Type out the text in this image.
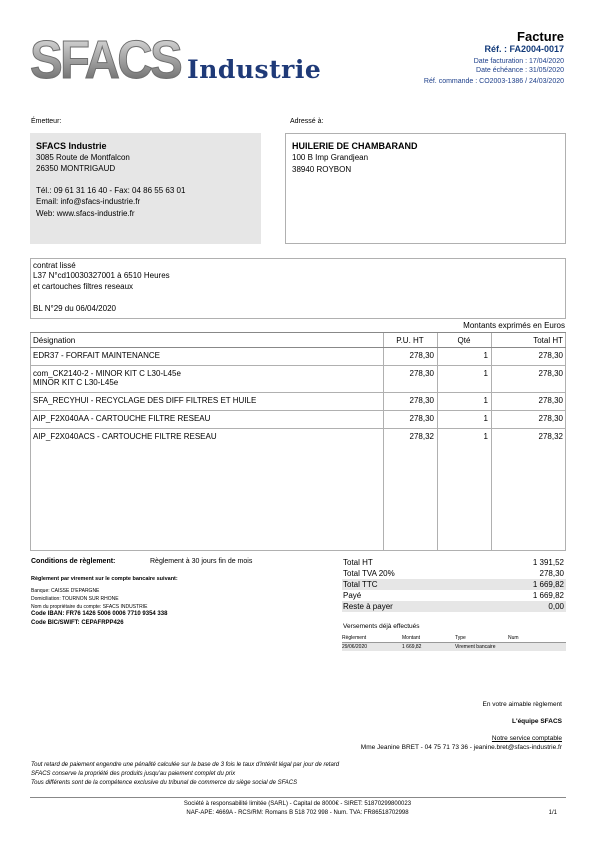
SFACS Industrie
Facture
Réf. : FA2004-0017
Date facturation : 17/04/2020
Date échéance : 31/05/2020
Réf. commande : CO2003-1386 / 24/03/2020
Émetteur:
SFACS Industrie
3085 Route de Montfalcon
26350 MONTRIGAUD
Tél.: 09 61 31 16 40 - Fax: 04 86 55 63 01
Email: info@sfacs-industrie.fr
Web: www.sfacs-industrie.fr
Adressé à:
HUILERIE DE CHAMBARAND
100 B Imp Grandjean
38940 ROYBON
contrat lissé
L37 N°cd10030327001 à 6510 Heures
et cartouches filtres reseaux
BL N°29 du 06/04/2020
Montants exprimés en Euros
Désignation	P.U. HT	Qté	Total HT
EDR37 - FORFAIT MAINTENANCE	278,30	1	278,30

com_CK2140-2 - MINOR KIT C L30-L45e
MINOR KIT C L30-L45e	278,30	1	278,30
SFA_RECYHUI - RECYCLAGE DES DIFF FILTRES ET HUILE	278,30	1	278,30
AIP_F2X040AA - CARTOUCHE FILTRE RESEAU	278,30	1	278,30
AIP_F2X040ACS - CARTOUCHE FILTRE RESEAU	278,32	1	278,32
Conditions de règlement:	Règlement à 30 jours fin de mois
Règlement par virement sur le compte bancaire suivant:
Banque: CAISSE D'EPARGNE
Domiciliation: TOURNON SUR RHONE
Nom du propriétaire du compte: SFACS INDUSTRIE
Code IBAN: FR76 1426 5006 0006 7710 9354 338
Code BIC/SWIFT: CEPAFRPP426
Total HT	1 391,52
Total TVA 20%	278,30
Total TTC	1 669,82
Payé	1 669,82
Reste à payer	0,00
Versements déjà effectués
Règlement	Montant	Type	Num
29/06/2020	1 669,82	Virement bancaire	
En votre aimable règlement
L'équipe SFACS
Notre service comptable
Mme Jeanine BRET - 04 75 71 73 36 - jeanine.bret@sfacs-industrie.fr
Tout retard de paiement engendre une pénalité calculée sur la base de 3 fois le taux d'intérêt légal par jour de retard
SFACS conserve la propriété des produits jusqu'au paiement complet du prix
Tous différents sont de la compétence exclusive du tribunal de commerce du siège social de SFACS
Société à responsabilité limitée (SARL) - Capital de 8000€ - SIRET: 51870299800023
NAF-APE: 4669A - RCS/RM: Romans B 518 702 998 - Num. TVA: FR86518702998	1/1
